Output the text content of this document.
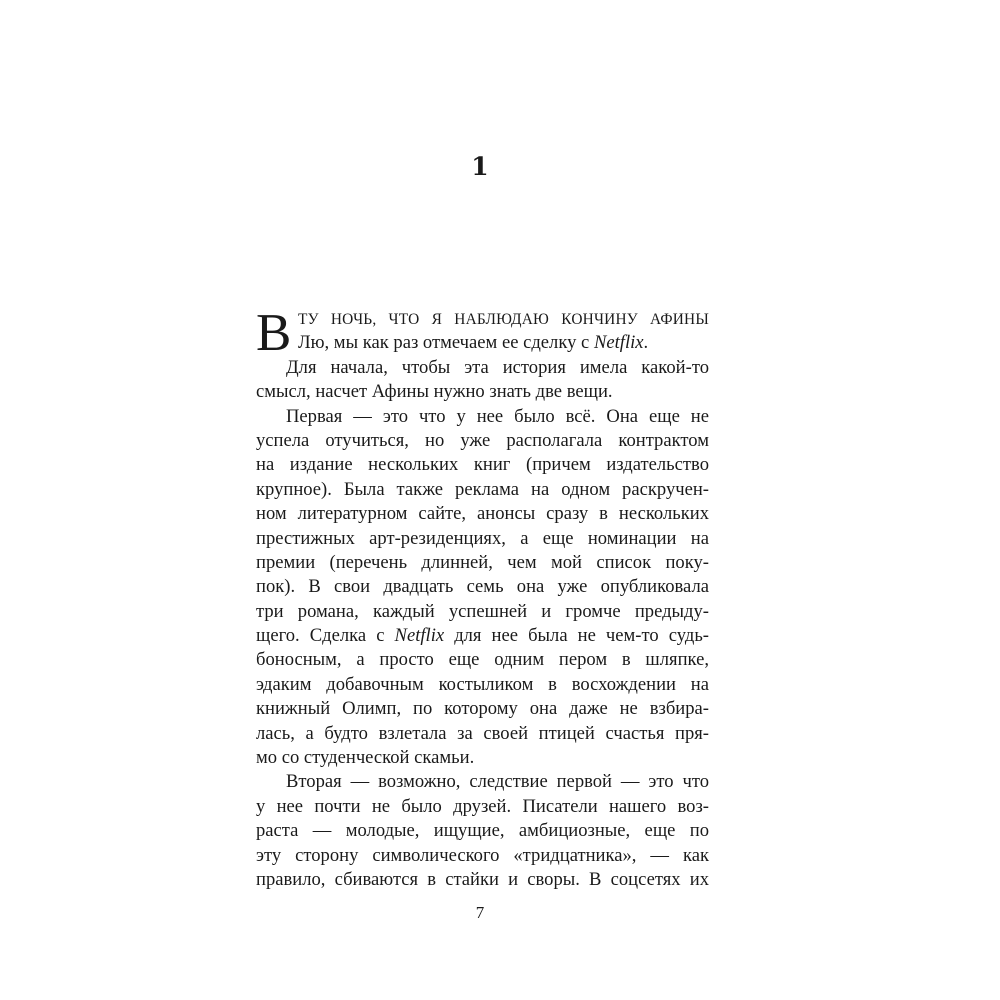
1
В ТУ НОЧЬ, ЧТО Я НАБЛЮДАЮ КОНЧИНУ АФИНЫ
Лю, мы как раз отмечаем ее сделку с Netflix.
Для начала, чтобы эта история имела какой-то
смысл, насчет Афины нужно знать две вещи.
Первая — это что у нее было всё. Она еще не
успела отучиться, но уже располагала контрактом
на издание нескольких книг (причем издательство
крупное). Была также реклама на одном раскручен-
ном литературном сайте, анонсы сразу в нескольких
престижных арт-резиденциях, а еще номинации на
премии (перечень длинней, чем мой список поку-
пок). В свои двадцать семь она уже опубликовала
три романа, каждый успешней и громче предыду-
щего. Сделка с Netflix для нее была не чем-то судь-
боносным, а просто еще одним пером в шляпке,
эдаким добавочным костыликом в восхождении на
книжный Олимп, по которому она даже не взбира-
лась, а будто взлетала за своей птицей счастья пря-
мо со студенческой скамьи.
Вторая — возможно, следствие первой — это что
у нее почти не было друзей. Писатели нашего воз-
раста — молодые, ищущие, амбициозные, еще по
эту сторону символического «тридцатника», — как
правило, сбиваются в стайки и своры. В соцсетях их
7
